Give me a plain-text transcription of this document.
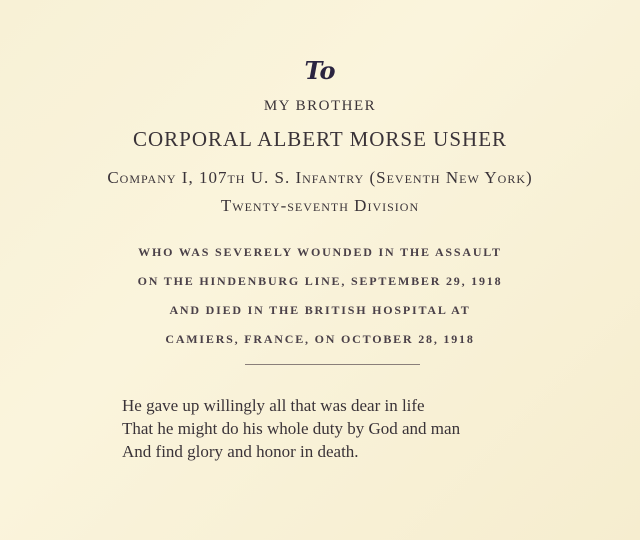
To
MY BROTHER
CORPORAL ALBERT MORSE USHER
Company I, 107th U. S. Infantry (Seventh New York)
Twenty-seventh Division
WHO WAS SEVERELY WOUNDED IN THE ASSAULT
ON THE HINDENBURG LINE, SEPTEMBER 29, 1918
AND DIED IN THE BRITISH HOSPITAL AT
CAMIERS, FRANCE, ON OCTOBER 28, 1918
He gave up willingly all that was dear in life
That he might do his whole duty by God and man
And find glory and honor in death.
